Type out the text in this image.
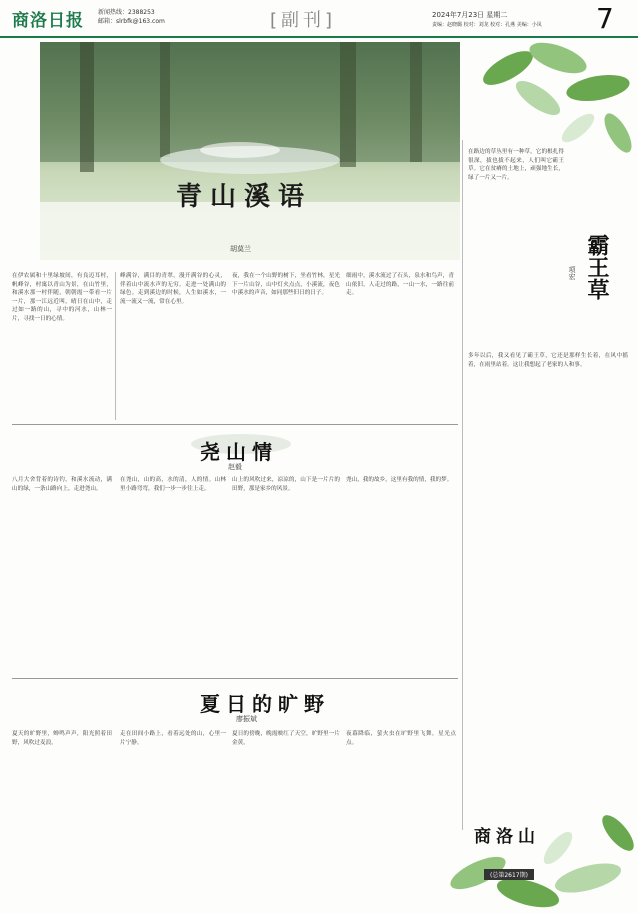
商洛日报 新闻热线：2388253
邮箱：slrbfk@163.com	[副刊]	2024年7月23日 星期二
责编：赵晓璐 校对：刘龙 校对：孔燕 美编：小凤 7
青山溪语
胡莫兰
在伊农属和十里绿坡间，有良迈耳村，帆峰谷，村寓以青山为景，在山竹里，和溪水那一村伴随，朝朝霞一带看一片一片，那一江远近叫，晴日在山中，走过如一路的山，寻中的河水，山林一片，寻找一日的心情。
峰满谷，满目的青翠，漫开满谷的心灵，伴着山中流水声的无穷。走进一处满山的绿色。走到溪边的时候，人生如溪水，一流一流又一流，常在心里。
夜，我在一个山野的树下，坐看竹林，星光下一片山谷，山中灯火点点，小溪流，夜色中溪水的声音，如同那些旧日的日子。
细雨中，溪水流过了石头，泉水和鸟声，青山依旧，人走过的路，一山一水，一路往前走。
在路边的草丛里有一种草，它的根扎得很深，拔也拔不起来，人们叫它霸王草。它在贫瘠的土地上，顽强地生长，绿了一片又一片。
霸王草
项宏
多年以后，我又看见了霸王草，它还是那样生长着，在风中摇着，在雨里站着。这让我想起了老家的人和事。
尧山情
赵毅
八月大舍背着的诗钓，和溪水流动，满山的绿，一条山路向上，走进尧山。
在尧山，山的高，水的清，人的情。山林里小路弯弯，我们一步一步往上走。
山上的风吹过来，凉凉的，山下是一片片的田野，那是家乡的风景。
尧山，我的故乡，这里有我的情，我的梦。
夏日的旷野
廖振斌
夏天的旷野里，蝉鸣声声，阳光照着田野，风吹过麦浪。
走在田间小路上，看着远处的山，心里一片宁静。
夏日的傍晚，晚霞映红了天空，旷野里一片金黄。
夜幕降临，萤火虫在旷野里飞舞，星光点点。
商洛山
(总第2617期)
